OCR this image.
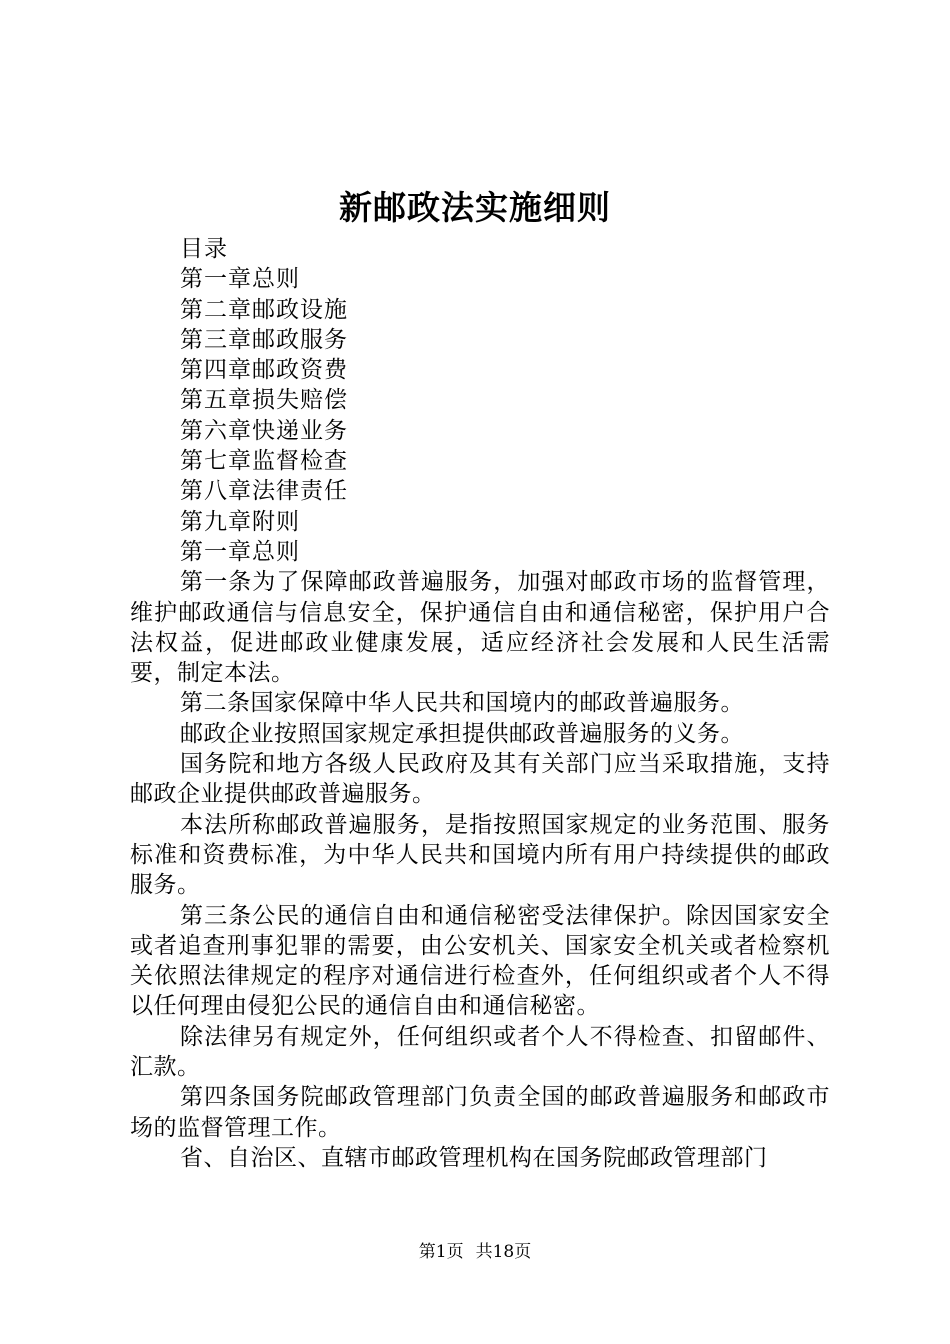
新邮政法实施细则

目录

第一章总则

第二章邮政设施

第三章邮政服务

第四章邮政资费

第五章损失赔偿

第六章快递业务

第七章监督检查

第八章法律责任

第九章附则

第一章总则

第一条为了保障邮政普遍服务，加强对邮政市场的监督管理，维护邮政通信与信息安全，保护通信自由和通信秘密，保护用户合法权益，促进邮政业健康发展，适应经济社会发展和人民生活需要，制定本法。

第二条国家保障中华人民共和国境内的邮政普遍服务。

邮政企业按照国家规定承担提供邮政普遍服务的义务。

国务院和地方各级人民政府及其有关部门应当采取措施，支持邮政企业提供邮政普遍服务。

本法所称邮政普遍服务，是指按照国家规定的业务范围、服务标准和资费标准，为中华人民共和国境内所有用户持续提供的邮政服务。

第三条公民的通信自由和通信秘密受法律保护。除因国家安全或者追查刑事犯罪的需要，由公安机关、国家安全机关或者检察机关依照法律规定的程序对通信进行检查外，任何组织或者个人不得以任何理由侵犯公民的通信自由和通信秘密。

除法律另有规定外，任何组织或者个人不得检查、扣留邮件、汇款。

第四条国务院邮政管理部门负责全国的邮政普遍服务和邮政市场的监督管理工作。

省、自治区、直辖市邮政管理机构在国务院邮政管理部门

第1页 共18页
